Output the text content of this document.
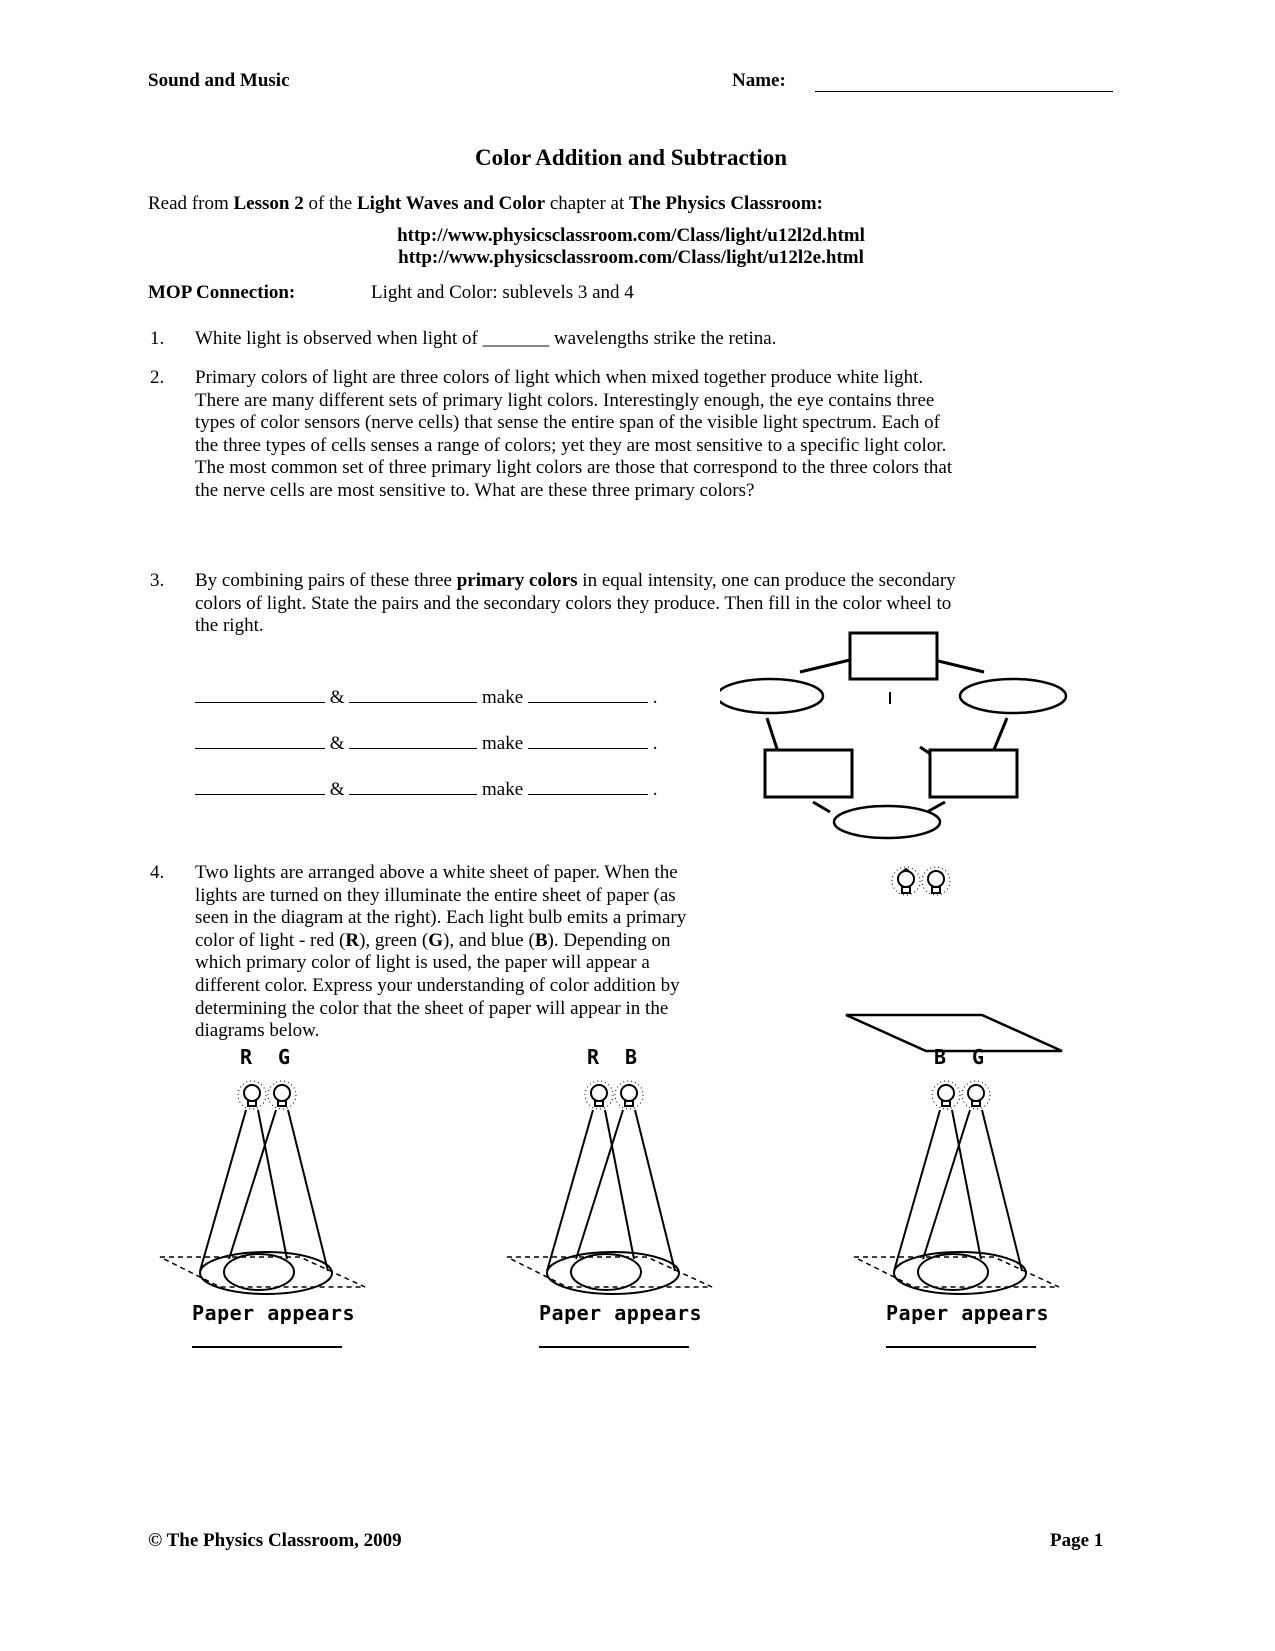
Sound and Music	Name:
Color Addition and Subtraction
Read from Lesson 2 of the Light Waves and Color chapter at The Physics Classroom:
http://www.physicsclassroom.com/Class/light/u12l2d.html
http://www.physicsclassroom.com/Class/light/u12l2e.html
MOP Connection:	Light and Color: sublevels 3 and 4
1. White light is observed when light of _______ wavelengths strike the retina.
2. Primary colors of light are three colors of light which when mixed together produce white light.
There are many different sets of primary light colors. Interestingly enough, the eye contains three
types of color sensors (nerve cells) that sense the entire span of the visible light spectrum. Each of
the three types of cells senses a range of colors; yet they are most sensitive to a specific light color.
The most common set of three primary light colors are those that correspond to the three colors that
the nerve cells are most sensitive to. What are these three primary colors?
3. By combining pairs of these three primary colors in equal intensity, one can produce the secondary
colors of light. State the pairs and the secondary colors they produce. Then fill in the color wheel to
the right.
&	make	.
&	make	.
&	make	.
4. Two lights are arranged above a white sheet of paper. When the
lights are turned on they illuminate the entire sheet of paper (as
seen in the diagram at the right). Each light bulb emits a primary
color of light - red (R), green (G), and blue (B). Depending on
which primary color of light is used, the paper will appear a
different color. Express your understanding of color addition by
determining the color that the sheet of paper will appear in the
diagrams below.
R G
Paper appears
R B
Paper appears
B G
Paper appears
© The Physics Classroom, 2009	Page 1
